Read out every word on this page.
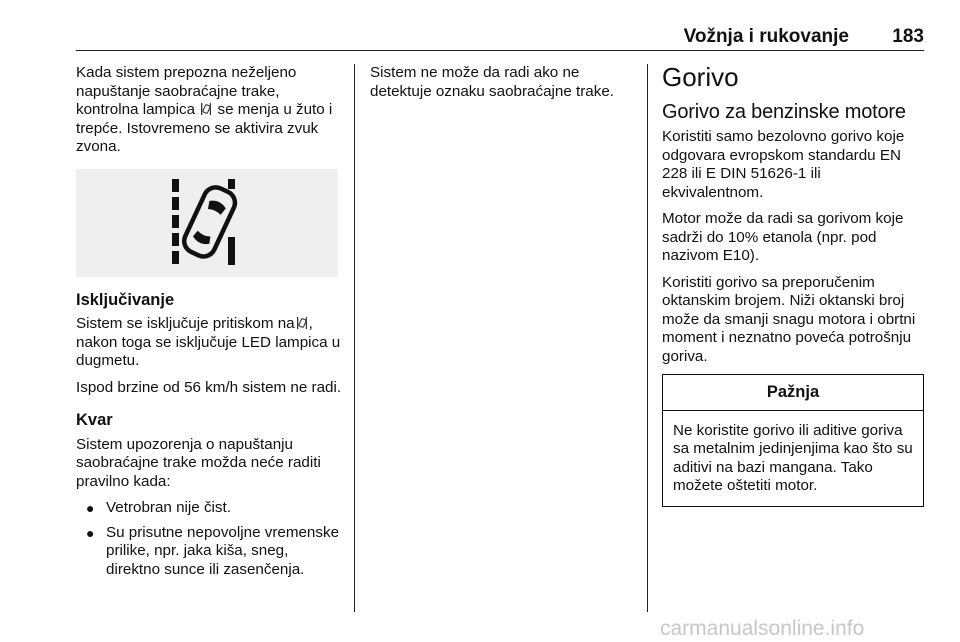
Vožnja i rukovanje 183

Kada sistem prepozna neželjeno napuštanje saobraćajne trake, kontrolna lampica se menja u žuto i trepće. Istovremeno se aktivira zvuk zvona.

Isključivanje

Sistem se isključuje pritiskom na , nakon toga se isključuje LED lampica u dugmetu.

Ispod brzine od 56 km/h sistem ne radi.

Kvar

Sistem upozorenja o napuštanju saobraćajne trake možda neće raditi pravilno kada:

● Vetrobran nije čist.
● Su prisutne nepovoljne vremenske prilike, npr. jaka kiša, sneg, direktno sunce ili zasenčenja.

Sistem ne može da radi ako ne detektuje oznaku saobraćajne trake.	Gorivo
Gorivo za benzinske motore

Koristiti samo bezolovno gorivo koje odgovara evropskom standardu EN 228 ili E DIN 51626-1 ili ekvivalentnom.

Motor može da radi sa gorivom koje sadrži do 10% etanola (npr. pod nazivom E10).

Koristiti gorivo sa preporučenim oktanskim brojem. Niži oktanski broj može da smanji snagu motora i obrtni moment i neznatno poveća potrošnju goriva.

Pažnja
Ne koristite gorivo ili aditive goriva sa metalnim jedinjenjima kao što su aditivi na bazi mangana. Tako možete oštetiti motor.
carmanualsonline.info
